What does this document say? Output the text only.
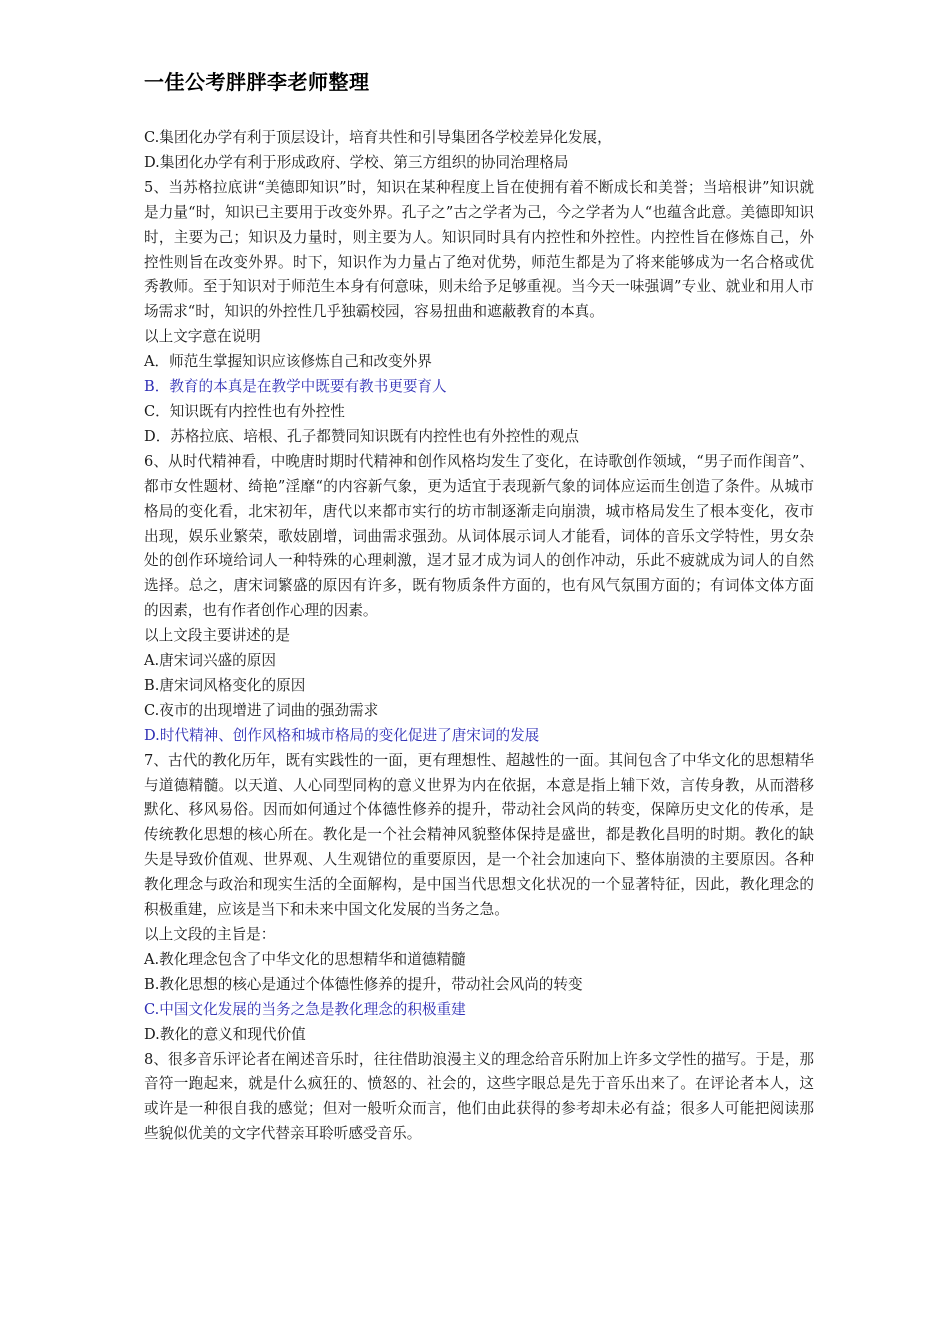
一佳公考胖胖李老师整理

C.集团化办学有利于顶层设计，培育共性和引导集团各学校差异化发展，

D.集团化办学有利于形成政府、学校、第三方组织的协同治理格局

5、当苏格拉底讲“美德即知识”时，知识在某种程度上旨在使拥有着不断成长和美誉；当培根讲”知识就是力量“时，知识已主要用于改变外界。孔子之”古之学者为己，今之学者为人“也蕴含此意。美德即知识时，主要为己；知识及力量时，则主要为人。知识同时具有内控性和外控性。内控性旨在修炼自己，外控性则旨在改变外界。时下，知识作为力量占了绝对优势，师范生都是为了将来能够成为一名合格或优秀教师。至于知识对于师范生本身有何意味，则未给予足够重视。当今天一味强调”专业、就业和用人市场需求“时，知识的外控性几乎独霸校园，容易扭曲和遮蔽教育的本真。

以上文字意在说明

A．师范生掌握知识应该修炼自己和改变外界

B．教育的本真是在教学中既要有教书更要育人

C．知识既有内控性也有外控性

D．苏格拉底、培根、孔子都赞同知识既有内控性也有外控性的观点

6、从时代精神看，中晚唐时期时代精神和创作风格均发生了变化，在诗歌创作领域，“男子而作闺音”、都市女性题材、绮艳”淫靡“的内容新气象，更为适宜于表现新气象的词体应运而生创造了条件。从城市格局的变化看，北宋初年，唐代以来都市实行的坊市制逐渐走向崩溃，城市格局发生了根本变化，夜市出现，娱乐业繁荣，歌妓剧增，词曲需求强劲。从词体展示词人才能看，词体的音乐文学特性，男女杂处的创作环境给词人一种特殊的心理刺激，逞才显才成为词人的创作冲动，乐此不疲就成为词人的自然选择。总之，唐宋词繁盛的原因有许多，既有物质条件方面的，也有风气氛围方面的；有词体文体方面的因素，也有作者创作心理的因素。

以上文段主要讲述的是

A.唐宋词兴盛的原因

B.唐宋词风格变化的原因

C.夜市的出现增进了词曲的强劲需求

D.时代精神、创作风格和城市格局的变化促进了唐宋词的发展

7、古代的教化历年，既有实践性的一面，更有理想性、超越性的一面。其间包含了中华文化的思想精华与道德精髓。以天道、人心同型同构的意义世界为内在依据，本意是指上辅下效，言传身教，从而潜移默化、移风易俗。因而如何通过个体德性修养的提升，带动社会风尚的转变，保障历史文化的传承，是传统教化思想的核心所在。教化是一个社会精神风貌整体保持是盛世，都是教化昌明的时期。教化的缺失是导致价值观、世界观、人生观错位的重要原因，是一个社会加速向下、整体崩溃的主要原因。各种教化理念与政治和现实生活的全面解构，是中国当代思想文化状况的一个显著特征，因此，教化理念的积极重建，应该是当下和未来中国文化发展的当务之急。

以上文段的主旨是：

A.教化理念包含了中华文化的思想精华和道德精髓

B.教化思想的核心是通过个体德性修养的提升，带动社会风尚的转变

C.中国文化发展的当务之急是教化理念的积极重建

D.教化的意义和现代价值

8、很多音乐评论者在阐述音乐时，往往借助浪漫主义的理念给音乐附加上许多文学性的描写。于是，那音符一跑起来，就是什么疯狂的、愤怒的、社会的，这些字眼总是先于音乐出来了。在评论者本人，这或许是一种很自我的感觉；但对一般听众而言，他们由此获得的参考却未必有益；很多人可能把阅读那些貌似优美的文字代替亲耳聆听感受音乐。
